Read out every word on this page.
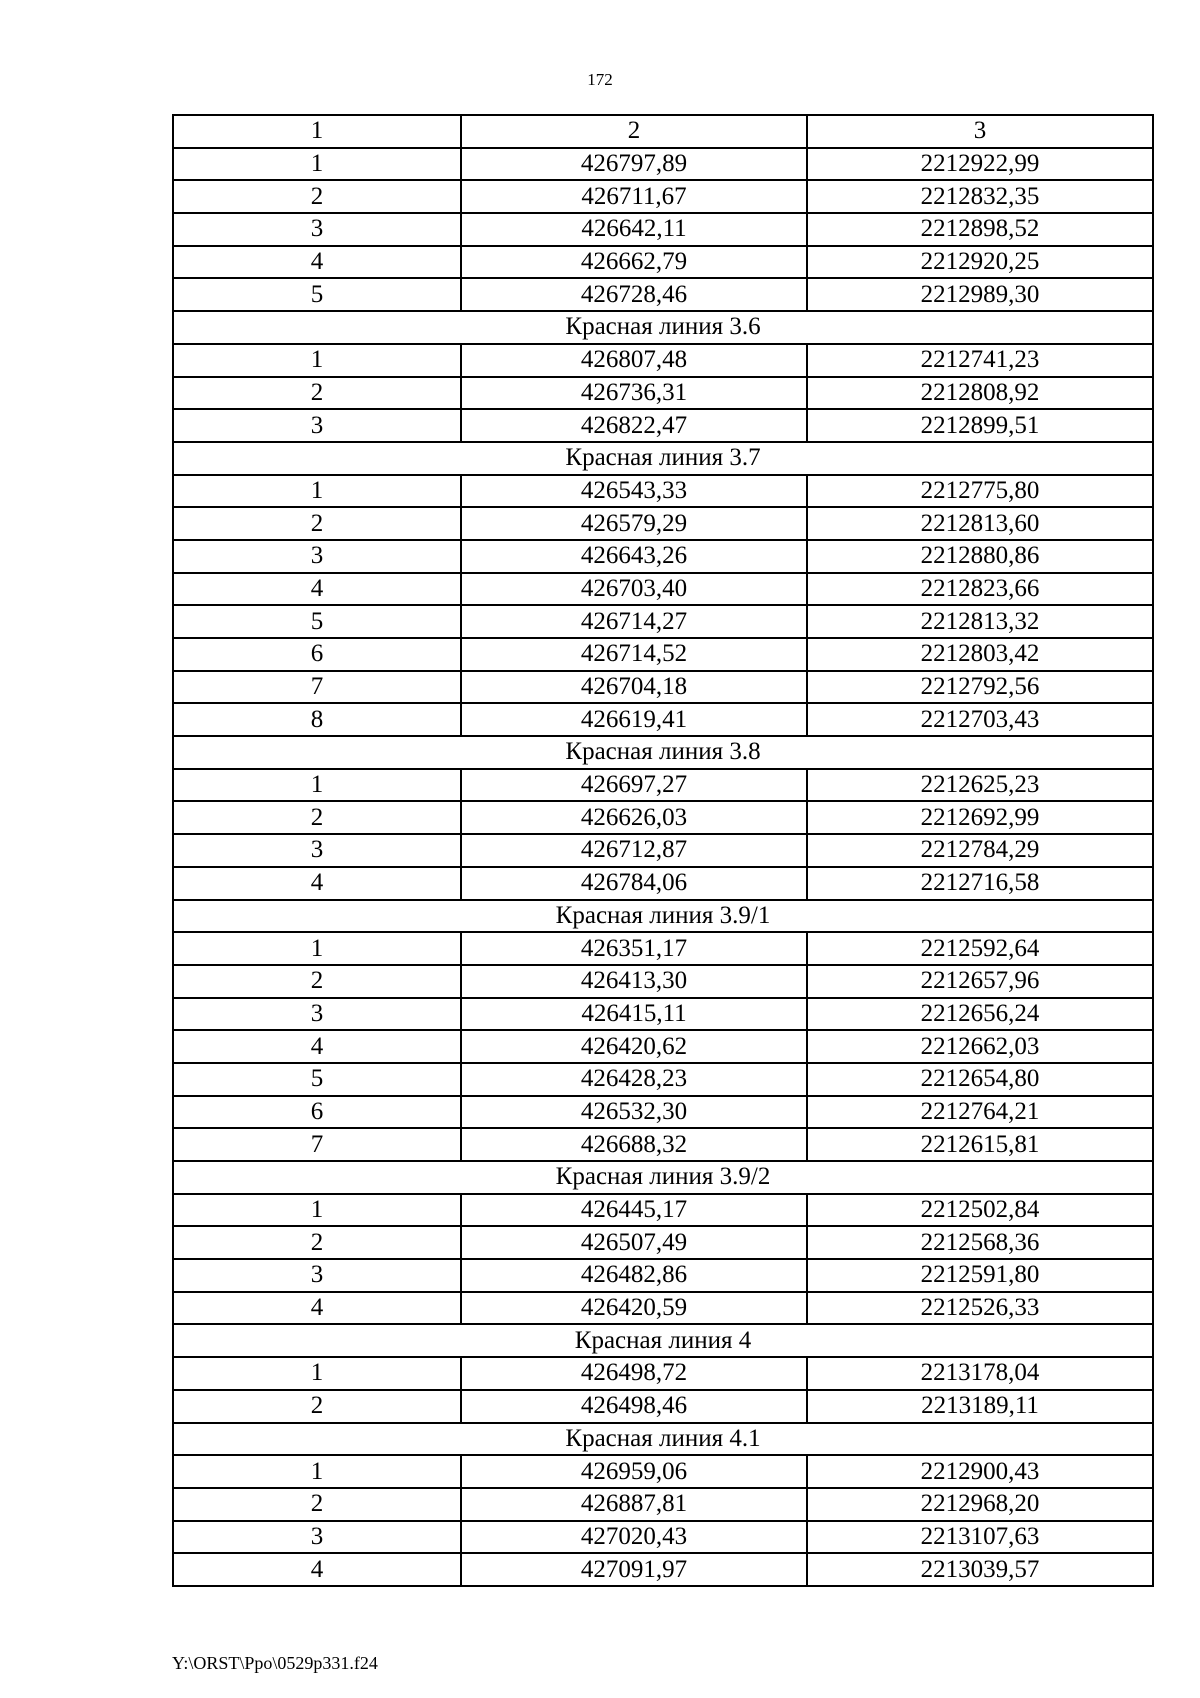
172
1	2	3
1	426797,89	2212922,99
2	426711,67	2212832,35
3	426642,11	2212898,52
4	426662,79	2212920,25
5	426728,46	2212989,30
Красная линия 3.6		
1	426807,48	2212741,23
2	426736,31	2212808,92
3	426822,47	2212899,51
Красная линия 3.7		
1	426543,33	2212775,80
2	426579,29	2212813,60
3	426643,26	2212880,86
4	426703,40	2212823,66
5	426714,27	2212813,32
6	426714,52	2212803,42
7	426704,18	2212792,56
8	426619,41	2212703,43
Красная линия 3.8		
1	426697,27	2212625,23
2	426626,03	2212692,99
3	426712,87	2212784,29
4	426784,06	2212716,58
Красная линия 3.9/1		
1	426351,17	2212592,64
2	426413,30	2212657,96
3	426415,11	2212656,24
4	426420,62	2212662,03
5	426428,23	2212654,80
6	426532,30	2212764,21
7	426688,32	2212615,81
Красная линия 3.9/2		
1	426445,17	2212502,84
2	426507,49	2212568,36
3	426482,86	2212591,80
4	426420,59	2212526,33
Красная линия 4		
1	426498,72	2213178,04
2	426498,46	2213189,11
Красная линия 4.1		
1	426959,06	2212900,43
2	426887,81	2212968,20
3	427020,43	2213107,63
4	427091,97	2213039,57
Y:\ORST\Ppo\0529p331.f24
